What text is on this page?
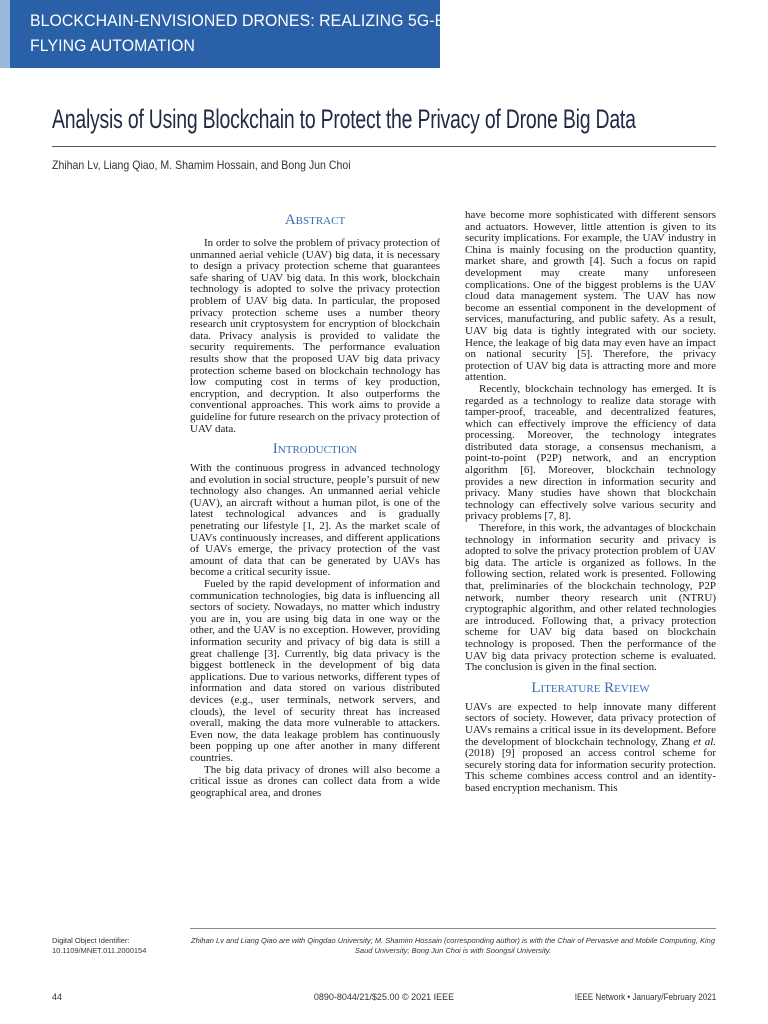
BLOCKCHAIN-ENVISIONED DRONES: REALIZING 5G-ENABLED
FLYING AUTOMATION
Analysis of Using Blockchain to Protect the Privacy of Drone Big Data
Zhihan Lv, Liang Qiao, M. Shamim Hossain, and Bong Jun Choi
Abstract

In order to solve the problem of privacy protection of unmanned aerial vehicle (UAV) big data, it is necessary to design a privacy protection scheme that guarantees safe sharing of UAV big data. In this work, blockchain technology is adopted to solve the privacy protection problem of UAV big data. In particular, the proposed privacy protection scheme uses a number theory research unit cryptosystem for encryption of blockchain data. Privacy analysis is provided to validate the security requirements. The performance evaluation results show that the proposed UAV big data privacy protection scheme based on blockchain technology has low computing cost in terms of key production, encryption, and decryption. It also outperforms the conventional approaches. This work aims to provide a guideline for future research on the privacy protection of UAV data.

Introduction

With the continuous progress in advanced technology and evolution in social structure, people’s pursuit of new technology also changes. An unmanned aerial vehicle (UAV), an aircraft without a human pilot, is one of the latest technological advances and is gradually penetrating our lifestyle [1, 2]. As the market scale of UAVs continuously increases, and different applications of UAVs emerge, the privacy protection of the vast amount of data that can be generated by UAVs has become a critical security issue.

Fueled by the rapid development of information and communication technologies, big data is influencing all sectors of society. Nowadays, no matter which industry you are in, you are using big data in one way or the other, and the UAV is no exception. However, providing information security and privacy of big data is still a great challenge [3]. Currently, big data privacy is the biggest bottleneck in the development of big data applications. Due to various networks, different types of information and data stored on various distributed devices (e.g., user terminals, network servers, and clouds), the level of security threat has increased overall, making the data more vulnerable to attackers. Even now, the data leakage problem has continuously been popping up one after another in many different countries.

The big data privacy of drones will also become a critical issue as drones can collect data from a wide geographical area, and drones

have become more sophisticated with different sensors and actuators. However, little attention is given to its security implications. For example, the UAV industry in China is mainly focusing on the production quantity, market share, and growth [4]. Such a focus on rapid development may create many unforeseen complications. One of the biggest problems is the UAV cloud data management system. The UAV has now become an essential component in the development of services, manufacturing, and public safety. As a result, UAV big data is tightly integrated with our society. Hence, the leakage of big data may even have an impact on national security [5]. Therefore, the privacy protection of UAV big data is attracting more and more attention.

Recently, blockchain technology has emerged. It is regarded as a technology to realize data storage with tamper-proof, traceable, and decentralized features, which can effectively improve the efficiency of data processing. Moreover, the technology integrates distributed data storage, a consensus mechanism, a point-to-point (P2P) network, and an encryption algorithm [6]. Moreover, blockchain technology provides a new direction in information security and privacy. Many studies have shown that blockchain technology can effectively solve various security and privacy problems [7, 8].

Therefore, in this work, the advantages of blockchain technology in information security and privacy is adopted to solve the privacy protection problem of UAV big data. The article is organized as follows. In the following section, related work is presented. Following that, preliminaries of the blockchain technology, P2P network, number theory research unit (NTRU) cryptographic algorithm, and other related technologies are introduced. Following that, a privacy protection scheme for UAV big data based on blockchain technology is proposed. Then the performance of the UAV big data privacy protection scheme is evaluated. The conclusion is given in the final section.

Literature Review

UAVs are expected to help innovate many different sectors of society. However, data privacy protection of UAVs remains a critical issue in its development. Before the development of blockchain technology, Zhang et al. (2018) [9] proposed an access control scheme for securely storing data for information security protection. This scheme combines access control and an identity-based encryption mechanism. This

Digital Object Identifier:
10.1109/MNET.011.2000154
Zhihan Lv and Liang Qiao are with Qingdao University; M. Shamim Hossain (corresponding author) is with the Chair of Pervasive and Mobile Computing, King Saud University; Bong Jun Choi is with Soongsil University.
44	0890-8044/21/$25.00 © 2021 IEEE	IEEE Network • January/February 2021
